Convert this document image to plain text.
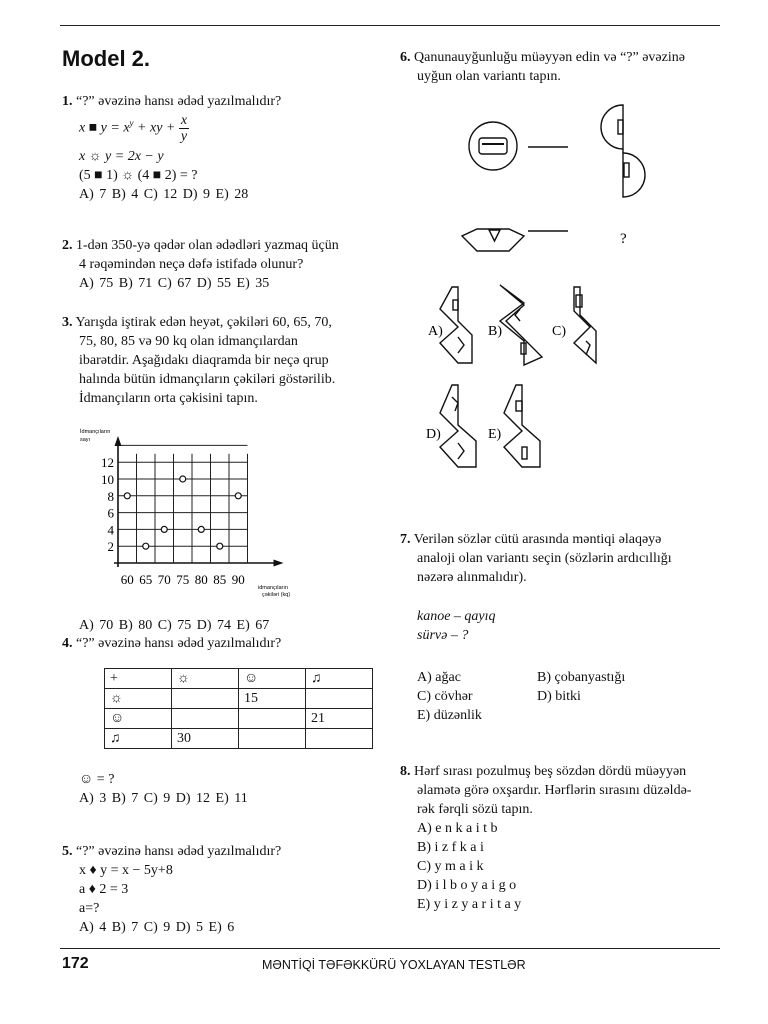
Model 2.
1. “?” əvəzinə hansı ədəd yazılmalıdır?
x ■ $y = x^y$ + xy + $\frac{x}{y}$
x ☼ y = 2x − y
(5 ■ 1) ☼ (4 ■ 2) = ?
A) 7 B) 4 C) 12 D) 9 E) 28
2. 1-dən 350-yə qədər olan ədədləri yazmaq üçün
4 rəqəmindən neçə dəfə istifadə olunur?
A) 75 B) 71 C) 67 D) 55 E) 35
3. Yarışda iştirak edən heyət, çəkiləri 60, 65, 70,
75, 80, 85 və 90 kq olan idmançılardan
ibarətdir. Aşağıdakı diaqramda bir neçə qrup
halında bütün idmançıların çəkiləri göstərilib.
İdmançıların orta çəkisini tapın.
2
4
6
8
10
12
60 65 70 75 80 85 90
İdmançıların
sayı
idmançıların
çəkiləri (kq)
A) 70 B) 80 C) 75 D) 74 E) 67
4. “?” əvəzinə hansı ədəd yazılmalıdır?
+	☼	☺	♫
☼		15	
☺			21
♫	30		
☺ = ?
A) 3 B) 7 C) 9 D) 12 E) 11
5. “?” əvəzinə hansı ədəd yazılmalıdır?
x ♦ y = x − 5y+8
a ♦ 2 = 3
a=?
A) 4 B) 7 C) 9 D) 5 E) 6
6. Qanunauyğunluğu müəyyən edin və “?” əvəzinə
uyğun olan variantı tapın.
?
A)	B)	C)
D)	E)
7. Verilən sözlər cütü arasında məntiqi əlaqəyə
analoji olan variantı seçin (sözlərin ardıcıllığı
nəzərə alınmalıdır).
kanoe – qayıq
sürvə – ?
A) ağac	B) çobanyastığı
C) cövhər	D) bitki
E) düzənlik
8. Hərf sırası pozulmuş beş sözdən dördü müəyyən
əlamətə görə oxşardır. Hərflərin sırasını düzəldə-
rək fərqli sözü tapın.
A) e n k a i t b
B) i z f k a i
C) y m a i k
D) i l b o y a i g o
E) y i z y a r i t a y
172	MƏNTİQİ TƏFƏKKÜRÜ YOXLAYAN TESTLƏR
